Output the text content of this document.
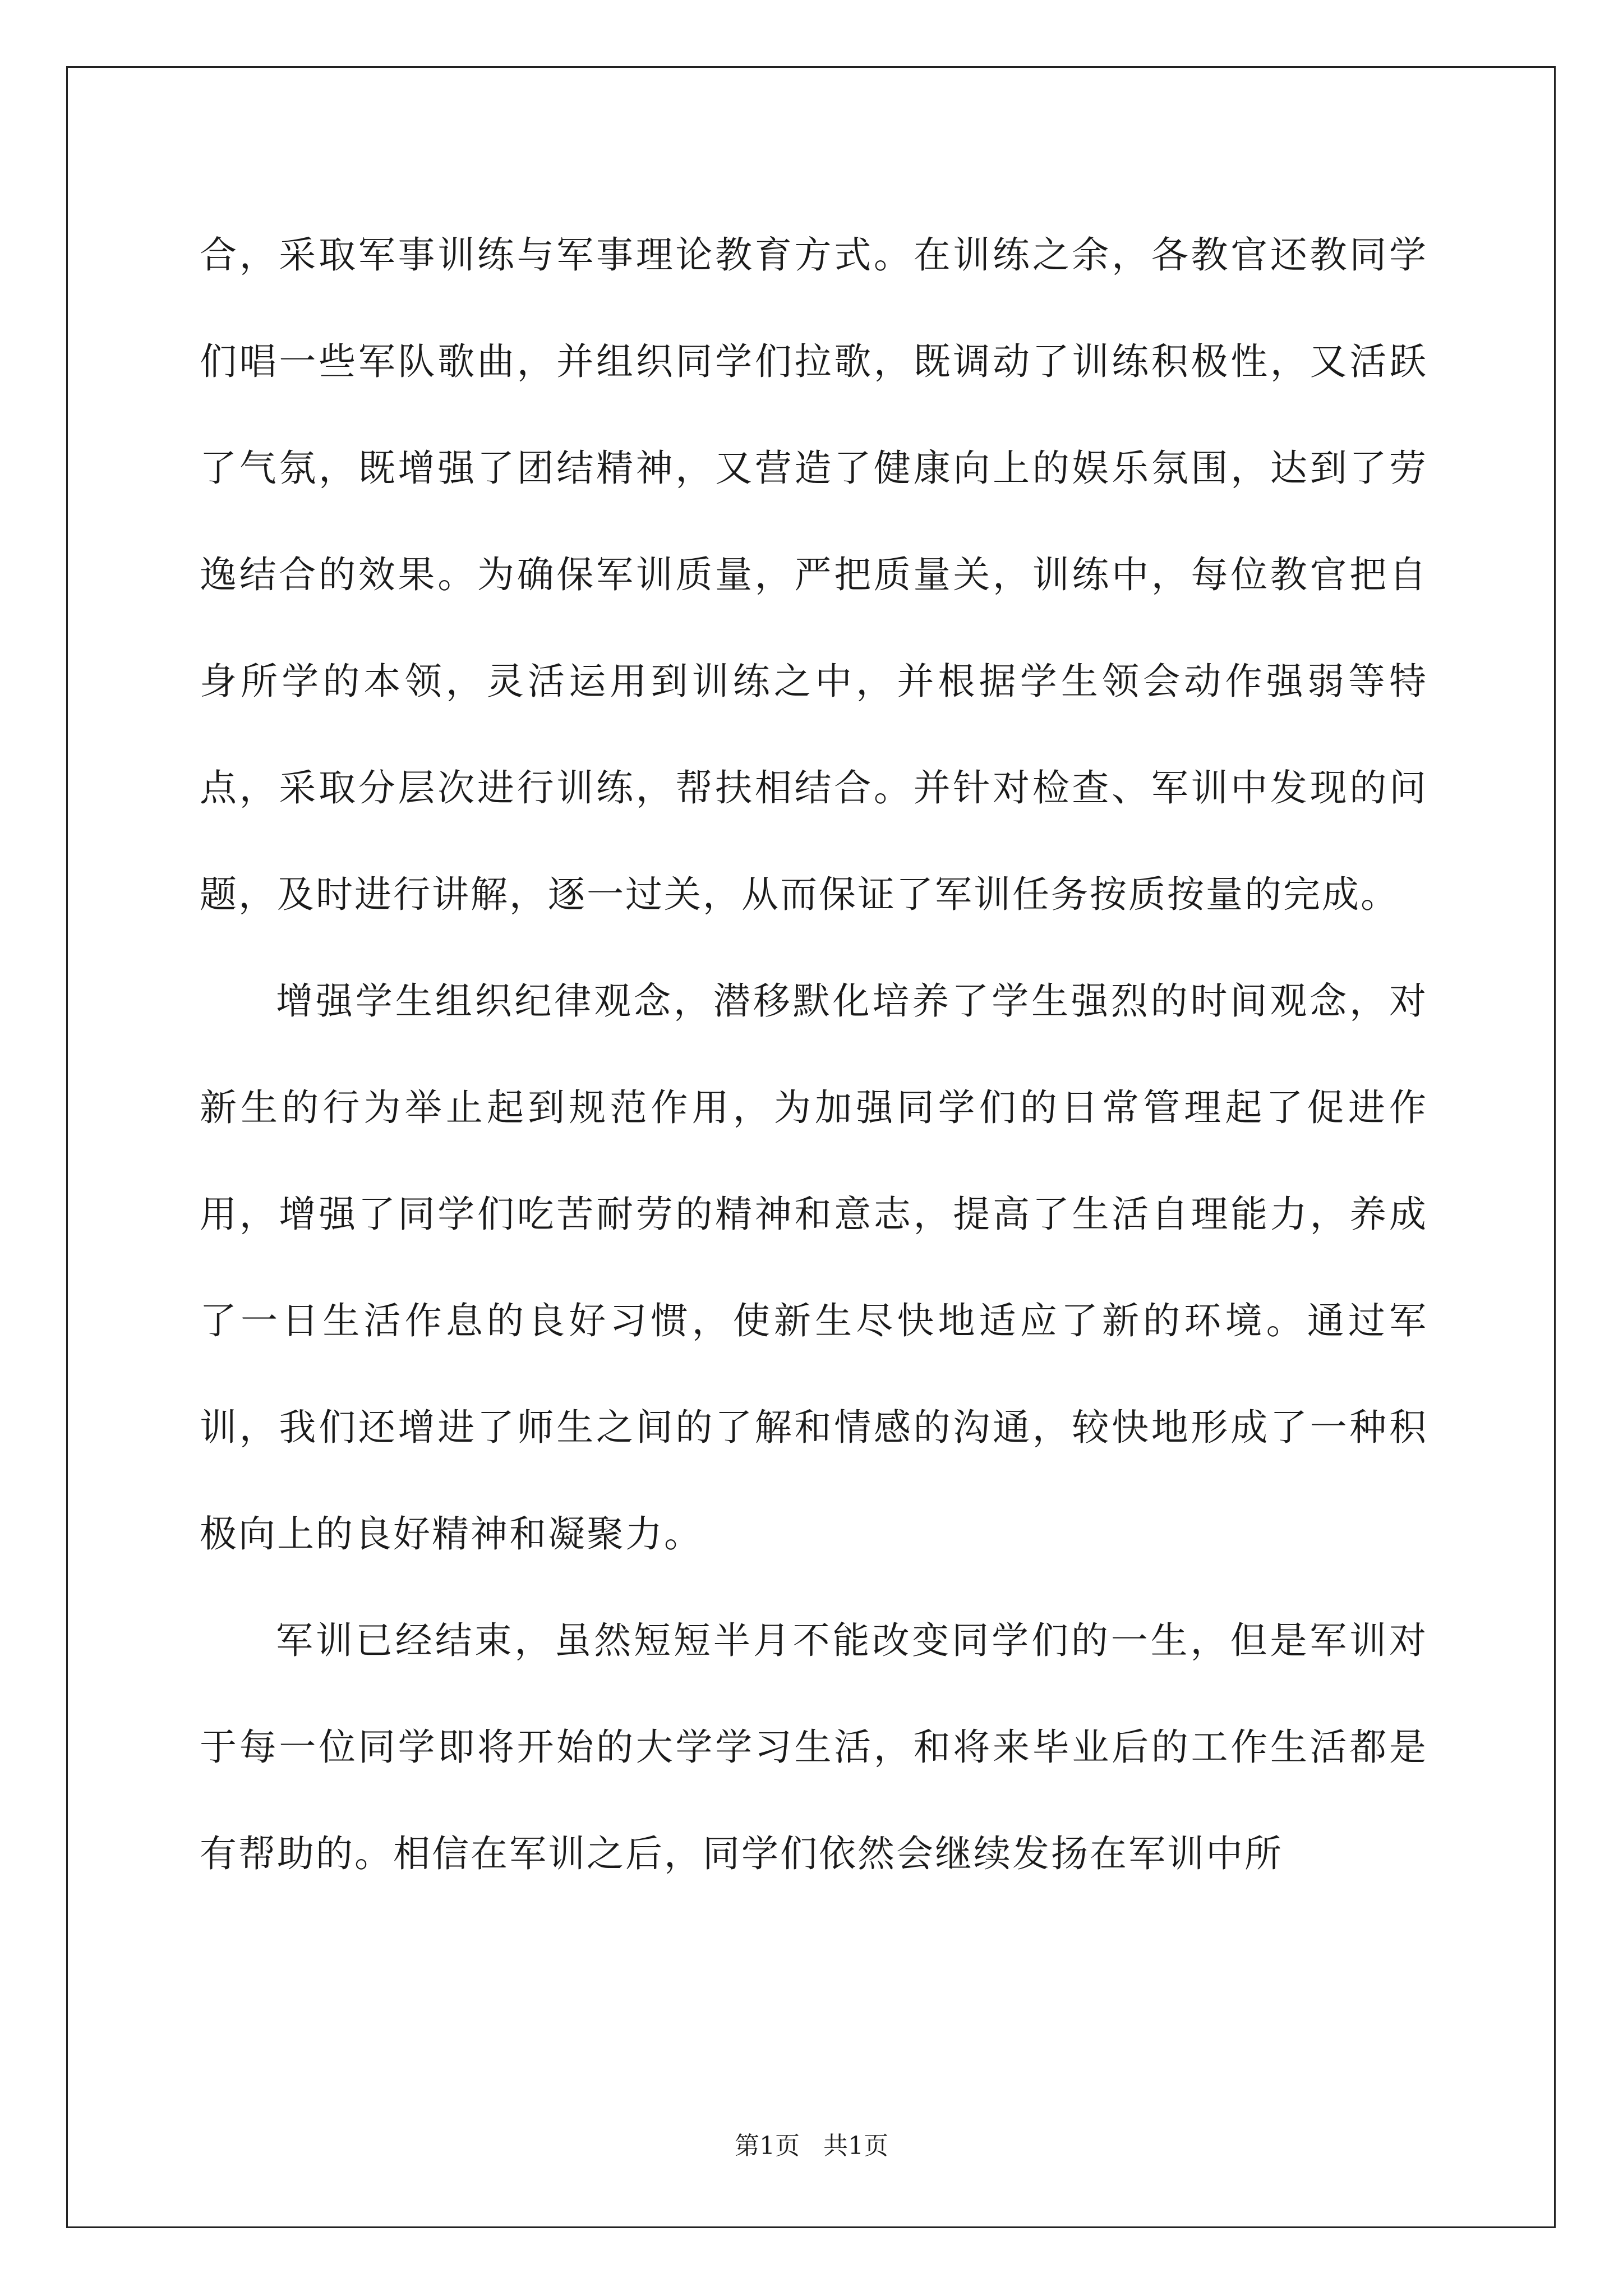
合，采取军事训练与军事理论教育方式。在训练之余，各教官还教同学们唱一些军队歌曲，并组织同学们拉歌，既调动了训练积极性，又活跃了气氛，既增强了团结精神，又营造了健康向上的娱乐氛围，达到了劳逸结合的效果。为确保军训质量，严把质量关，训练中，每位教官把自身所学的本领，灵活运用到训练之中，并根据学生领会动作强弱等特点，采取分层次进行训练，帮扶相结合。并针对检查、军训中发现的问题，及时进行讲解，逐一过关，从而保证了军训任务按质按量的完成。

增强学生组织纪律观念，潜移默化培养了学生强烈的时间观念，对新生的行为举止起到规范作用，为加强同学们的日常管理起了促进作用，增强了同学们吃苦耐劳的精神和意志，提高了生活自理能力，养成了一日生活作息的良好习惯，使新生尽快地适应了新的环境。通过军训，我们还增进了师生之间的了解和情感的沟通，较快地形成了一种积极向上的良好精神和凝聚力。

军训已经结束，虽然短短半月不能改变同学们的一生，但是军训对于每一位同学即将开始的大学学习生活，和将来毕业后的工作生活都是有帮助的。相信在军训之后，同学们依然会继续发扬在军训中所

第1页 共1页
